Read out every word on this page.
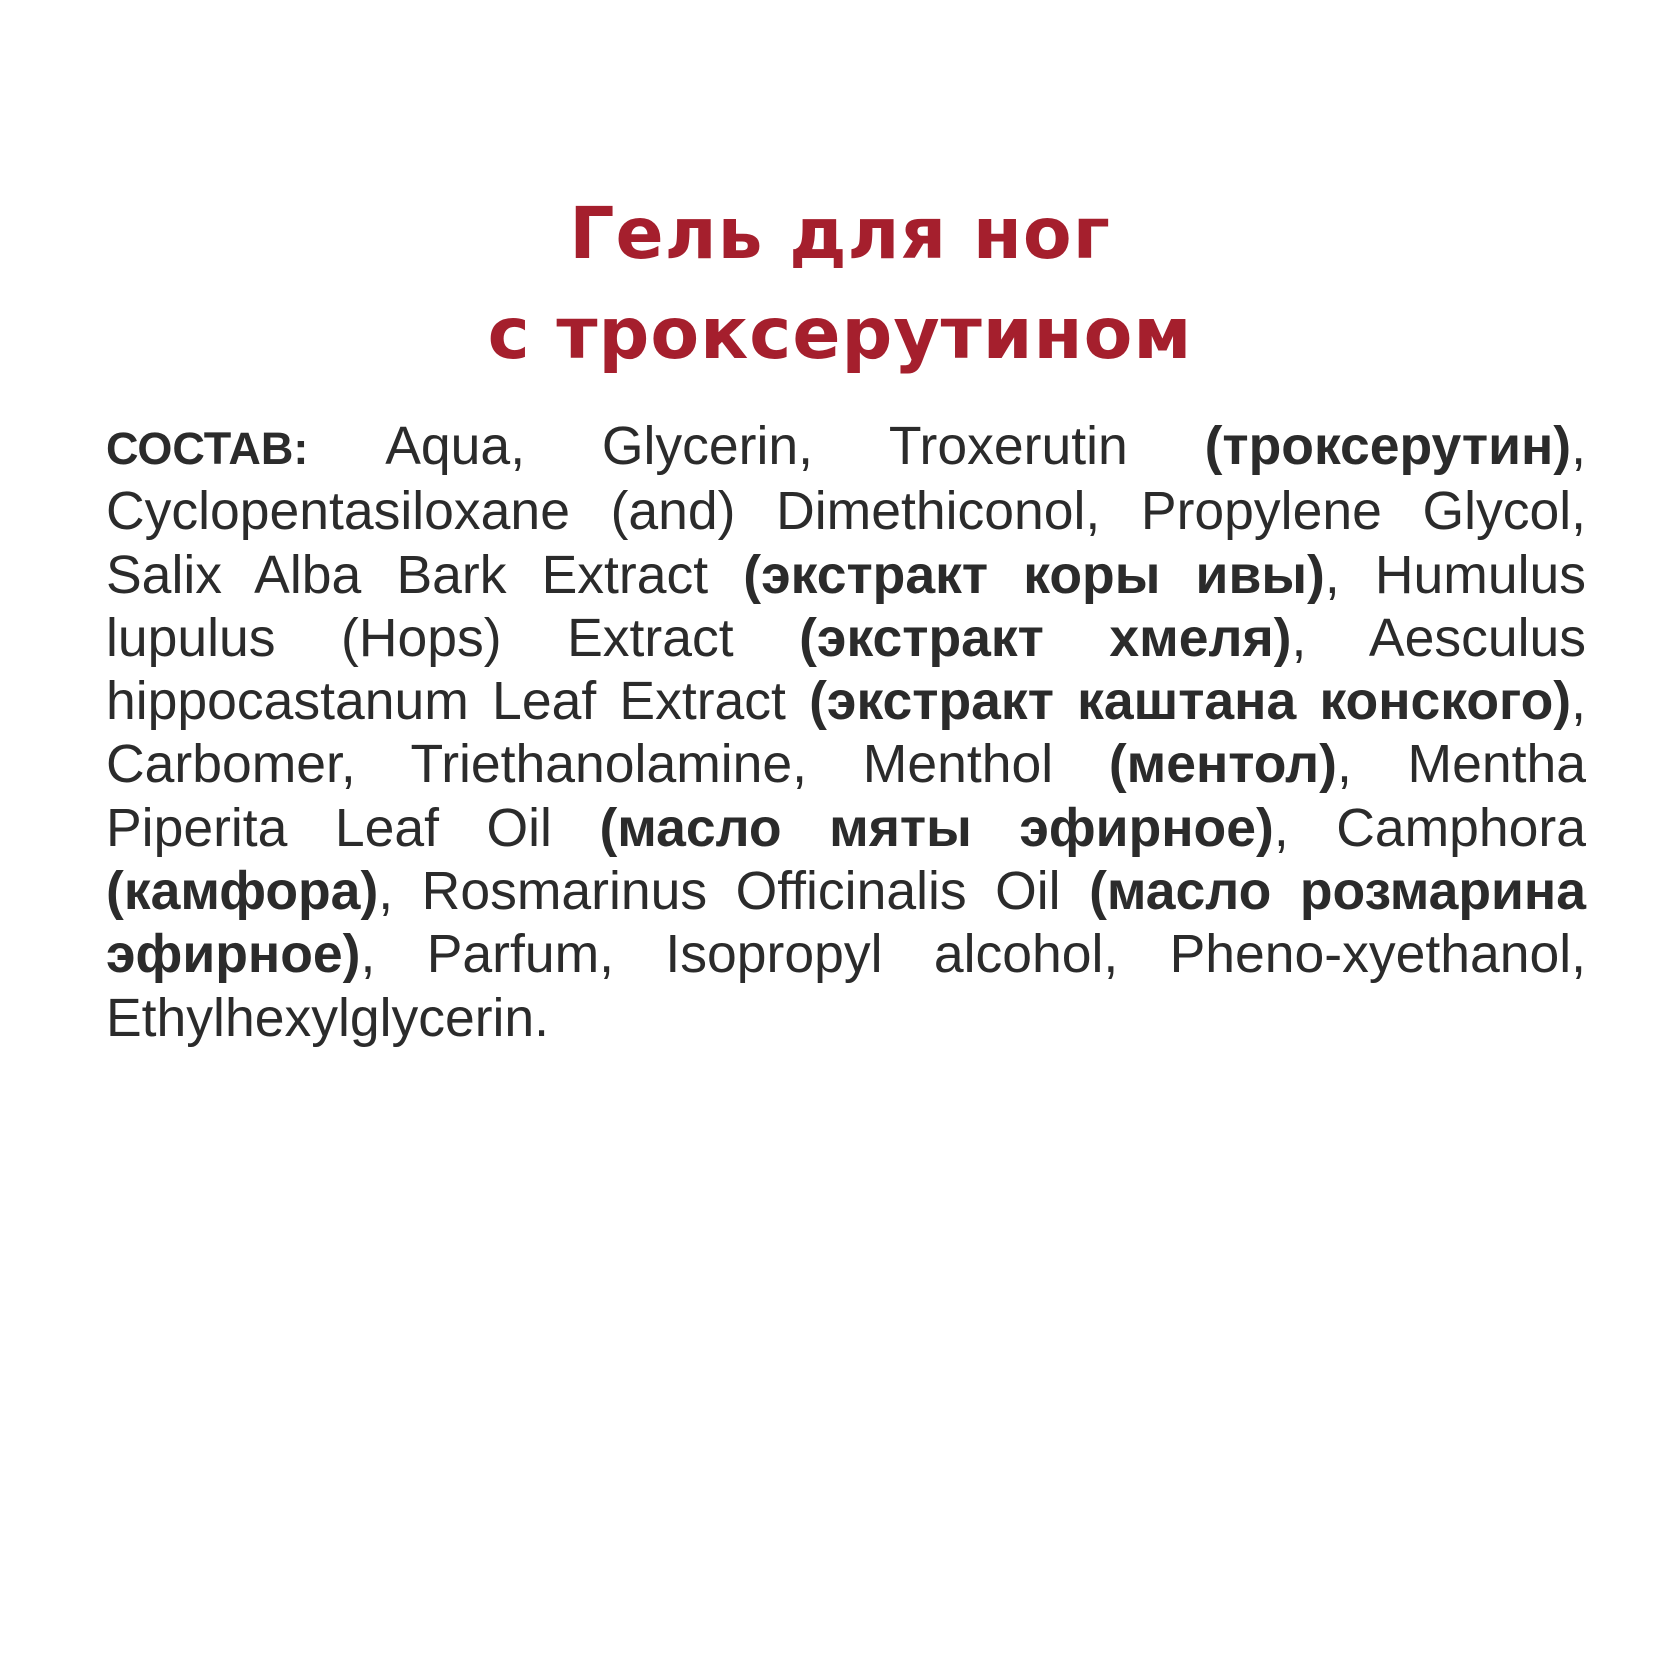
Гель для ног
с троксерутином

СОСТАВ: Aqua, Glycerin, Troxerutin (троксерутин), Cyclopentasiloxane (and) Dimethiconol, Propylene Glycol, Salix Alba Bark Extract (экстракт коры ивы), Humulus lupulus (Hops) Extract (экстракт хмеля), Aesculus hippocastanum Leaf Extract (экстракт каштана конского), Carbomer, Triethanolamine, Menthol (ментол), Mentha Piperita Leaf Oil (масло мяты эфирное), Camphora (камфора), Rosmarinus Officinalis Oil (масло розмарина эфирное), Parfum, Isopropyl alcohol, Pheno-xyethanol, Ethylhexylglycerin.
